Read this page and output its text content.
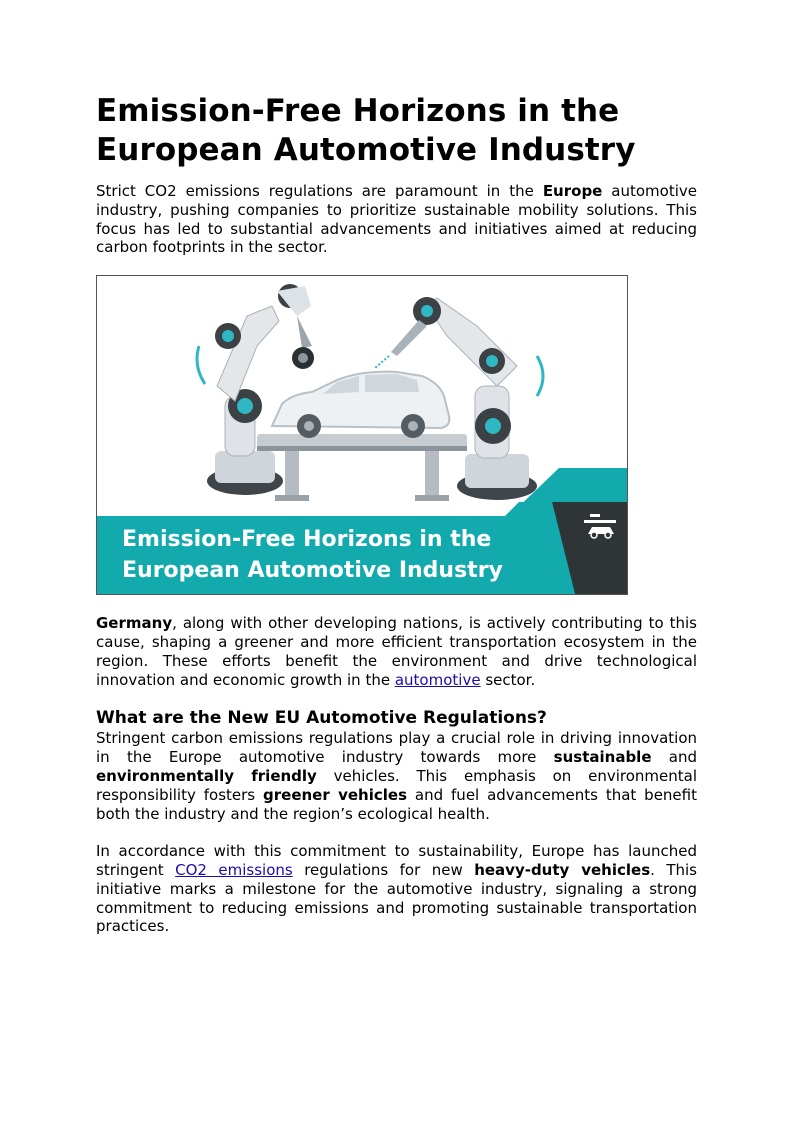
Emission-Free Horizons in the European Automotive Industry

Strict CO2 emissions regulations are paramount in the Europe automotive industry, pushing companies to prioritize sustainable mobility solutions. This focus has led to substantial advancements and initiatives aimed at reducing carbon footprints in the sector.

Emission-Free Horizons in the
European Automotive Industry

Germany, along with other developing nations, is actively contributing to this cause, shaping a greener and more efficient transportation ecosystem in the region. These efforts benefit the environment and drive technological innovation and economic growth in the automotive sector.

What are the New EU Automotive Regulations?

Stringent carbon emissions regulations play a crucial role in driving innovation in the Europe automotive industry towards more sustainable and environmentally friendly vehicles. This emphasis on environmental responsibility fosters greener vehicles and fuel advancements that benefit both the industry and the region’s ecological health.

In accordance with this commitment to sustainability, Europe has launched stringent CO2 emissions regulations for new heavy-duty vehicles. This initiative marks a milestone for the automotive industry, signaling a strong commitment to reducing emissions and promoting sustainable transportation practices.
